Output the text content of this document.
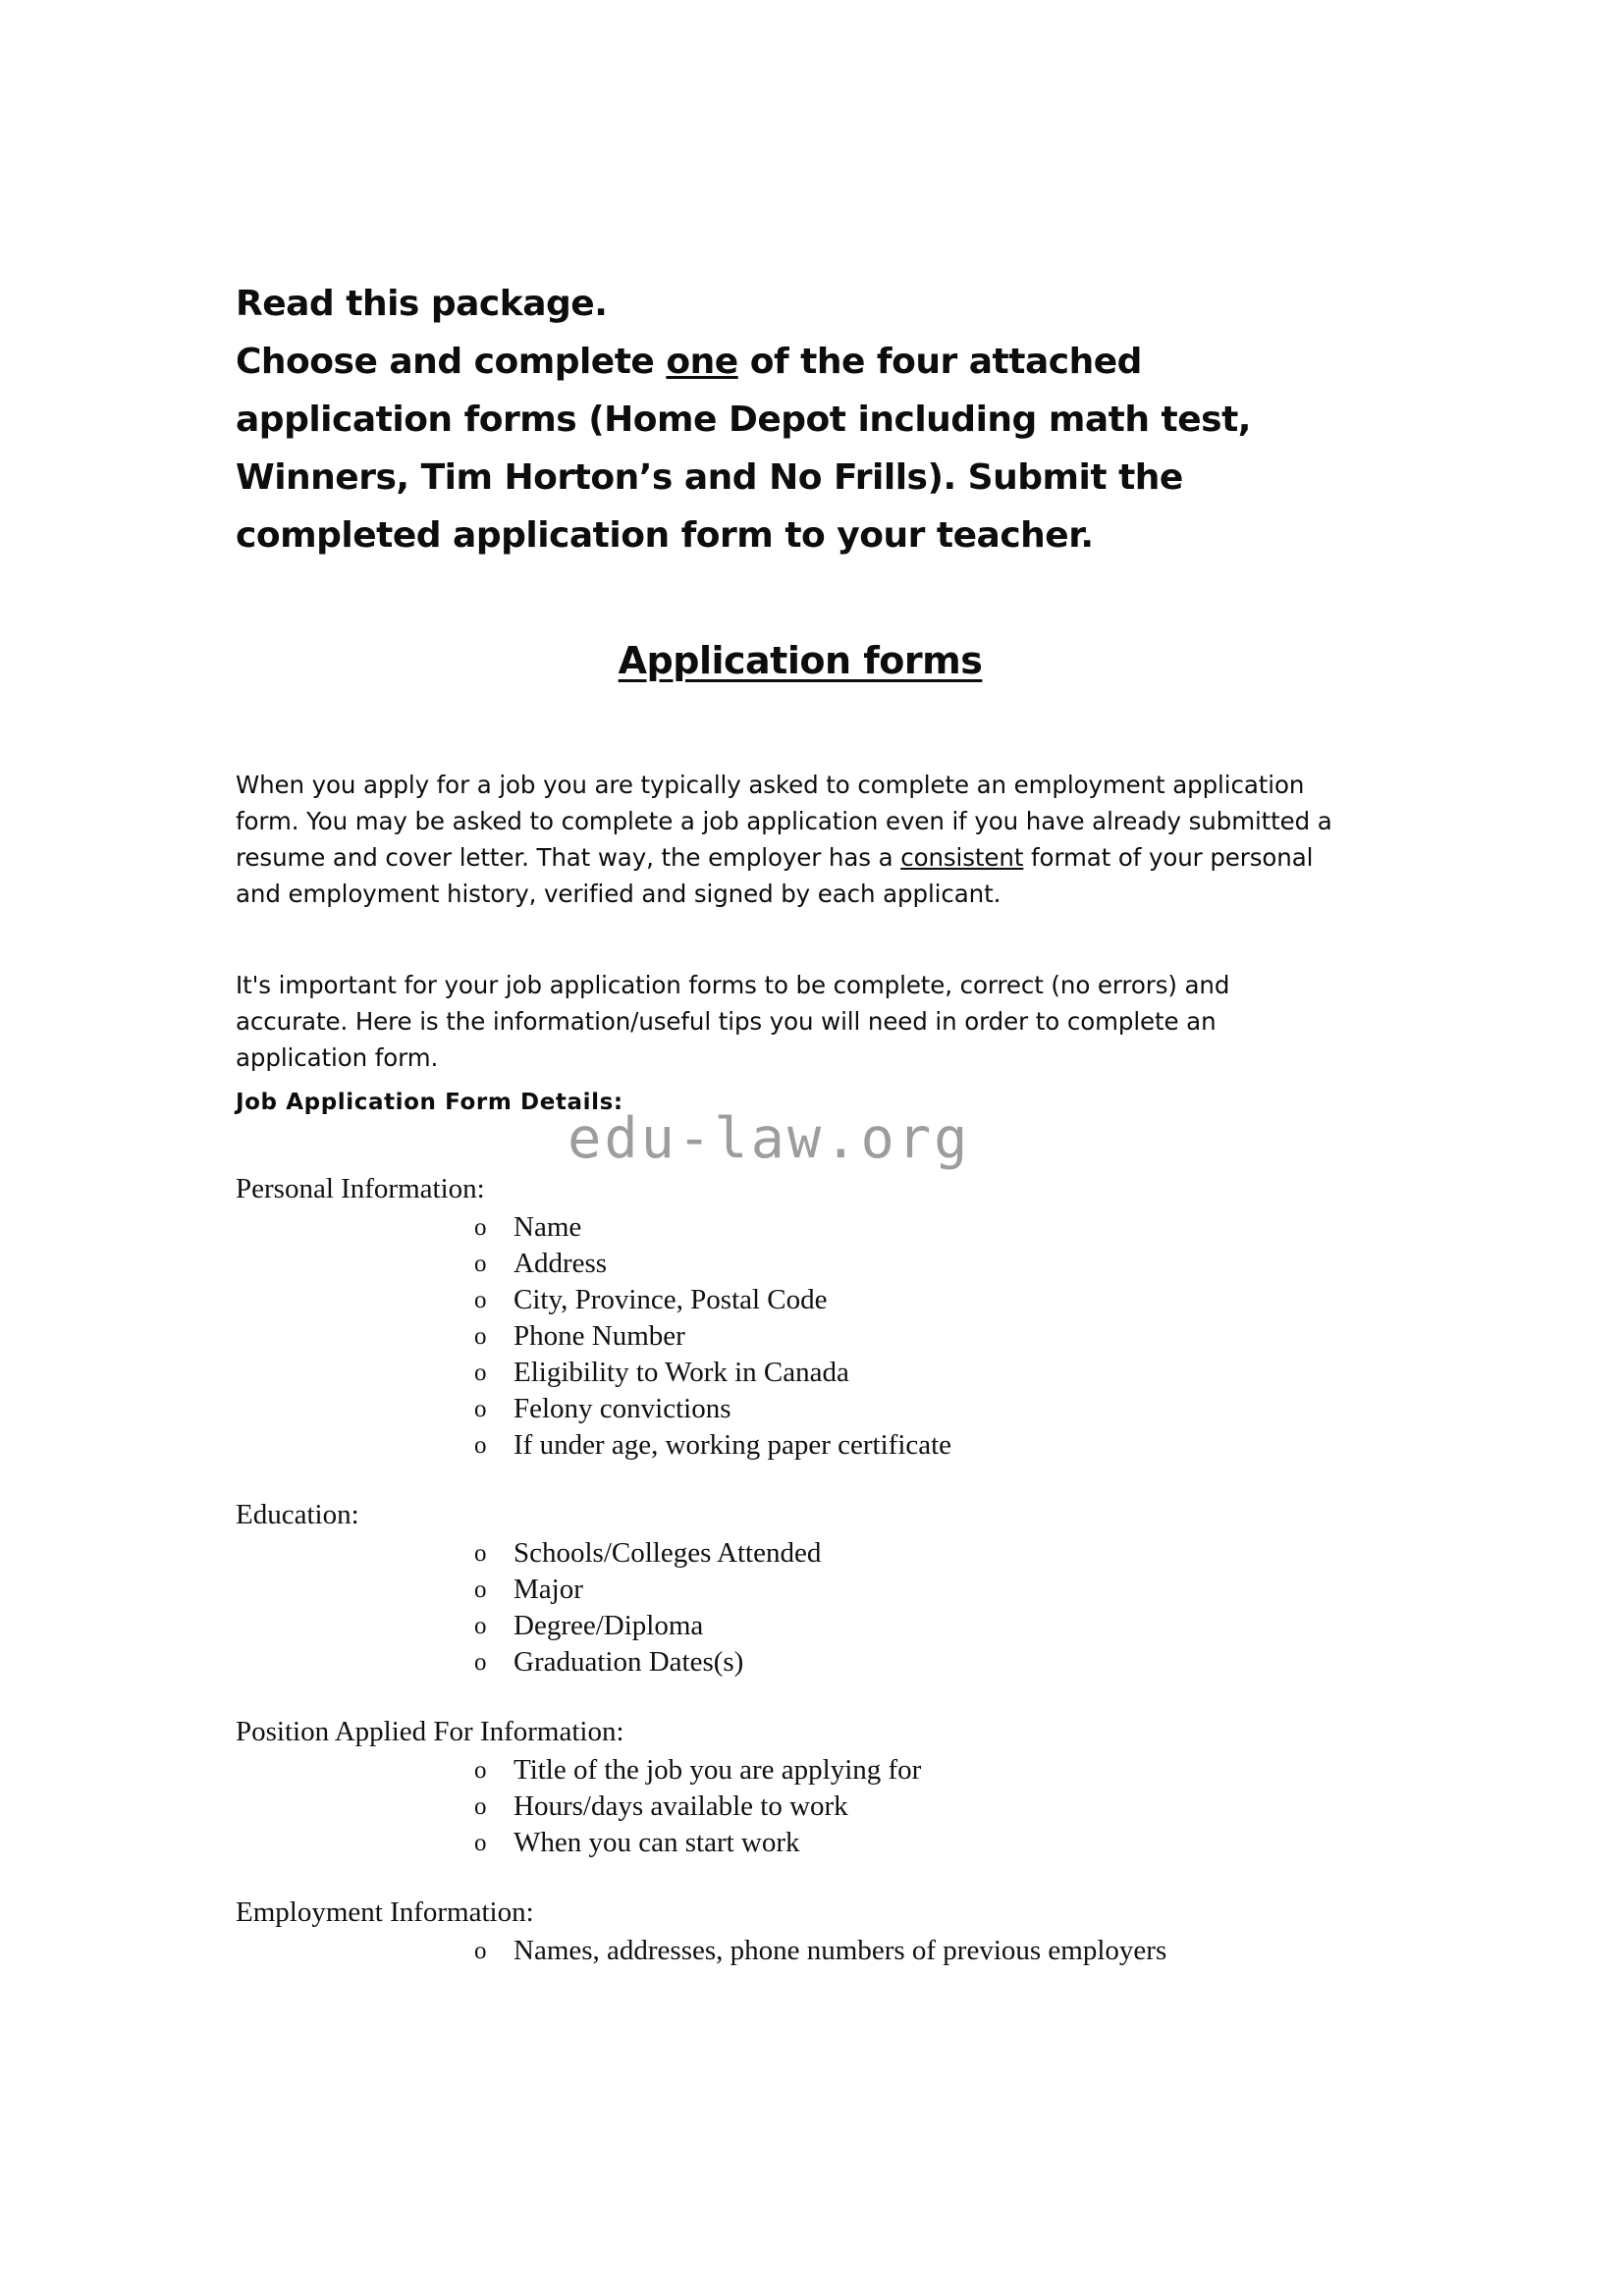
Read this package.
Choose and complete one of the four attached application forms (Home Depot including math test, Winners, Tim Horton’s and No Frills). Submit the completed application form to your teacher.
Application forms

When you apply for a job you are typically asked to complete an employment application form. You may be asked to complete a job application even if you have already submitted a resume and cover letter. That way, the employer has a consistent format of your personal and employment history, verified and signed by each applicant.

It's important for your job application forms to be complete, correct (no errors) and accurate. Here is the information/useful tips you will need in order to complete an application form.

Job Application Form Details:
edu-law.org
Personal Information:
o Name
o Address
o City, Province, Postal Code
o Phone Number
o Eligibility to Work in Canada
o Felony convictions
o If under age, working paper certificate
Education:
o Schools/Colleges Attended
o Major
o Degree/Diploma
o Graduation Dates(s)
Position Applied For Information:
o Title of the job you are applying for
o Hours/days available to work
o When you can start work
Employment Information:
o Names, addresses, phone numbers of previous employers
